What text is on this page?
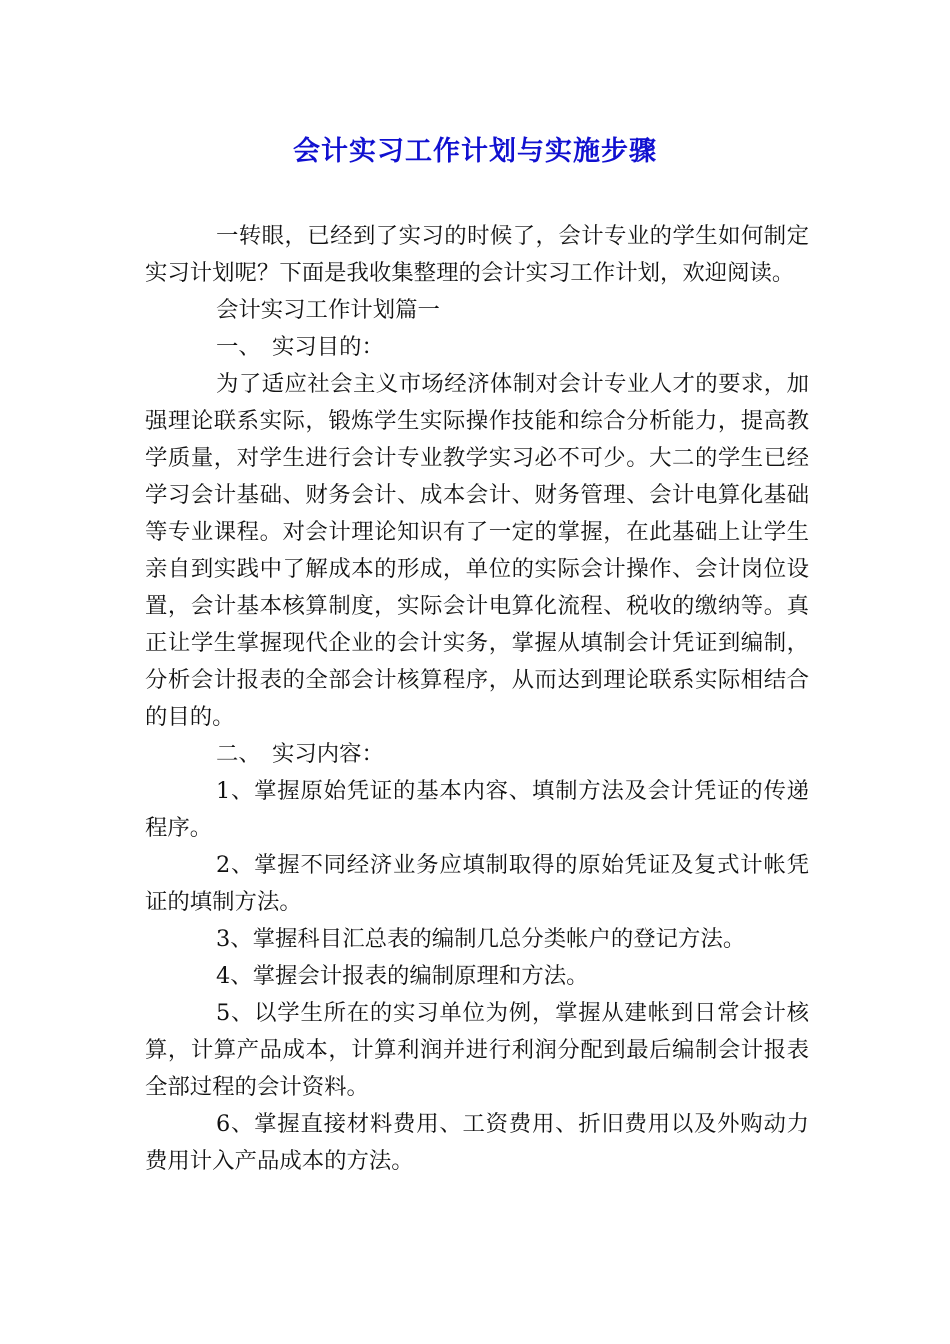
会计实习工作计划与实施步骤

一转眼，已经到了实习的时候了，会计专业的学生如何制定实习计划呢？下面是我收集整理的会计实习工作计划，欢迎阅读。

会计实习工作计划篇一

一、　实习目的：

为了适应社会主义市场经济体制对会计专业人才的要求，加强理论联系实际，锻炼学生实际操作技能和综合分析能力，提高教学质量，对学生进行会计专业教学实习必不可少。大二的学生已经学习会计基础、财务会计、成本会计、财务管理、会计电算化基础等专业课程。对会计理论知识有了一定的掌握，在此基础上让学生亲自到实践中了解成本的形成，单位的实际会计操作、会计岗位设置，会计基本核算制度，实际会计电算化流程、税收的缴纳等。真正让学生掌握现代企业的会计实务，掌握从填制会计凭证到编制，分析会计报表的全部会计核算程序，从而达到理论联系实际相结合的目的。

二、　实习内容：

1、掌握原始凭证的基本内容、填制方法及会计凭证的传递程序。

2、掌握不同经济业务应填制取得的原始凭证及复式计帐凭证的填制方法。

3、掌握科目汇总表的编制几总分类帐户的登记方法。

4、掌握会计报表的编制原理和方法。

5、以学生所在的实习单位为例，掌握从建帐到日常会计核算，计算产品成本，计算利润并进行利润分配到最后编制会计报表全部过程的会计资料。

6、掌握直接材料费用、工资费用、折旧费用以及外购动力费用计入产品成本的方法。
